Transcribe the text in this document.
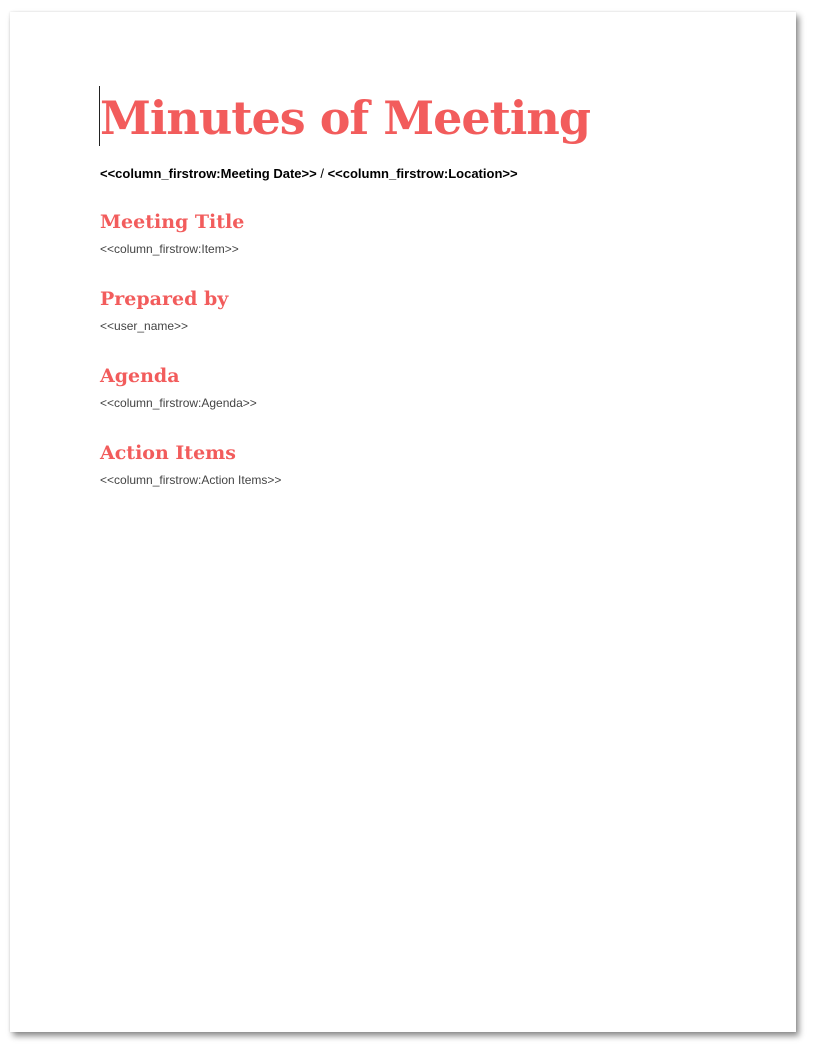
Minutes of Meeting
<<column_firstrow:Meeting Date>> / <<column_firstrow:Location>>
Meeting Title
<<column_firstrow:Item>>
Prepared by
<<user_name>>
Agenda
<<column_firstrow:Agenda>>
Action Items
<<column_firstrow:Action Items>>
